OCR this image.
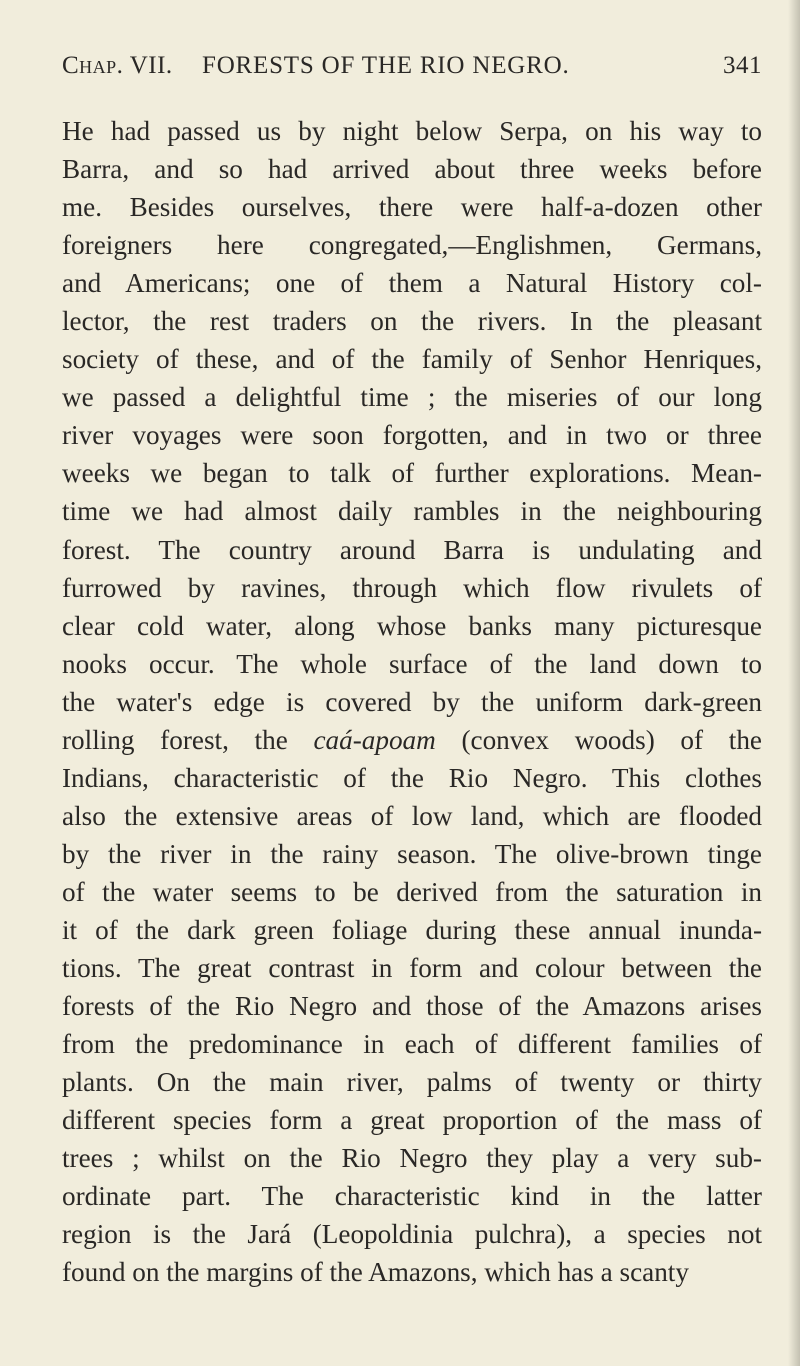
Chap. VII. FORESTS OF THE RIO NEGRO.	341
He had passed us by night below Serpa, on his way to
Barra, and so had arrived about three weeks before
me. Besides ourselves, there were half-a-dozen other
foreigners here congregated,—Englishmen, Germans,
and Americans; one of them a Natural History col-
lector, the rest traders on the rivers. In the pleasant
society of these, and of the family of Senhor Henriques,
we passed a delightful time ; the miseries of our long
river voyages were soon forgotten, and in two or three
weeks we began to talk of further explorations. Mean-
time we had almost daily rambles in the neighbouring
forest. The country around Barra is undulating and
furrowed by ravines, through which flow rivulets of
clear cold water, along whose banks many picturesque
nooks occur. The whole surface of the land down to
the water's edge is covered by the uniform dark-green
rolling forest, the caá-apoam (convex woods) of the
Indians, characteristic of the Rio Negro. This clothes
also the extensive areas of low land, which are flooded
by the river in the rainy season. The olive-brown tinge
of the water seems to be derived from the saturation in
it of the dark green foliage during these annual inunda-
tions. The great contrast in form and colour between the
forests of the Rio Negro and those of the Amazons arises
from the predominance in each of different families of
plants. On the main river, palms of twenty or thirty
different species form a great proportion of the mass of
trees ; whilst on the Rio Negro they play a very sub-
ordinate part. The characteristic kind in the latter
region is the Jará (Leopoldinia pulchra), a species not
found on the margins of the Amazons, which has a scanty
